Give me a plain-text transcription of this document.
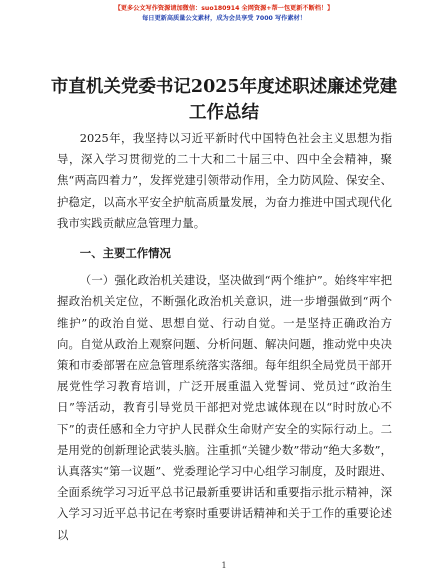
【更多公文写作资源请加微信：suo180914 全网资源+帮一包更新不断档！】
每日更新高质量公文素材，成为会员享受 7000 写作素材！
市直机关党委书记2025年度述职述廉述党建工作总结

2025年，我坚持以习近平新时代中国特色社会主义思想为指导，深入学习贯彻党的二十大和二十届三中、四中全会精神，聚焦“两高四着力”，发挥党建引领带动作用，全力防风险、保安全、护稳定，以高水平安全护航高质量发展，为奋力推进中国式现代化我市实践贡献应急管理力量。

一、主要工作情况

（一）强化政治机关建设，坚决做到“两个维护”。始终牢牢把握政治机关定位，不断强化政治机关意识，进一步增强做到“两个维护”的政治自觉、思想自觉、行动自觉。一是坚持正确政治方向。自觉从政治上观察问题、分析问题、解决问题，推动党中央决策和市委部署在应急管理系统落实落细。每年组织全局党员干部开展党性学习教育培训，广泛开展重温入党誓词、党员过“政治生日”等活动，教育引导党员干部把对党忠诚体现在以“时时放心不下”的责任感和全力守护人民群众生命财产安全的实际行动上。二是用党的创新理论武装头脑。注重抓“关键少数”带动“绝大多数”，认真落实“第一议题”、党委理论学习中心组学习制度，及时跟进、全面系统学习习近平总书记最新重要讲话和重要指示批示精神，深入学习习近平总书记在考察时重要讲话精神和关于工作的重要论述以

1
